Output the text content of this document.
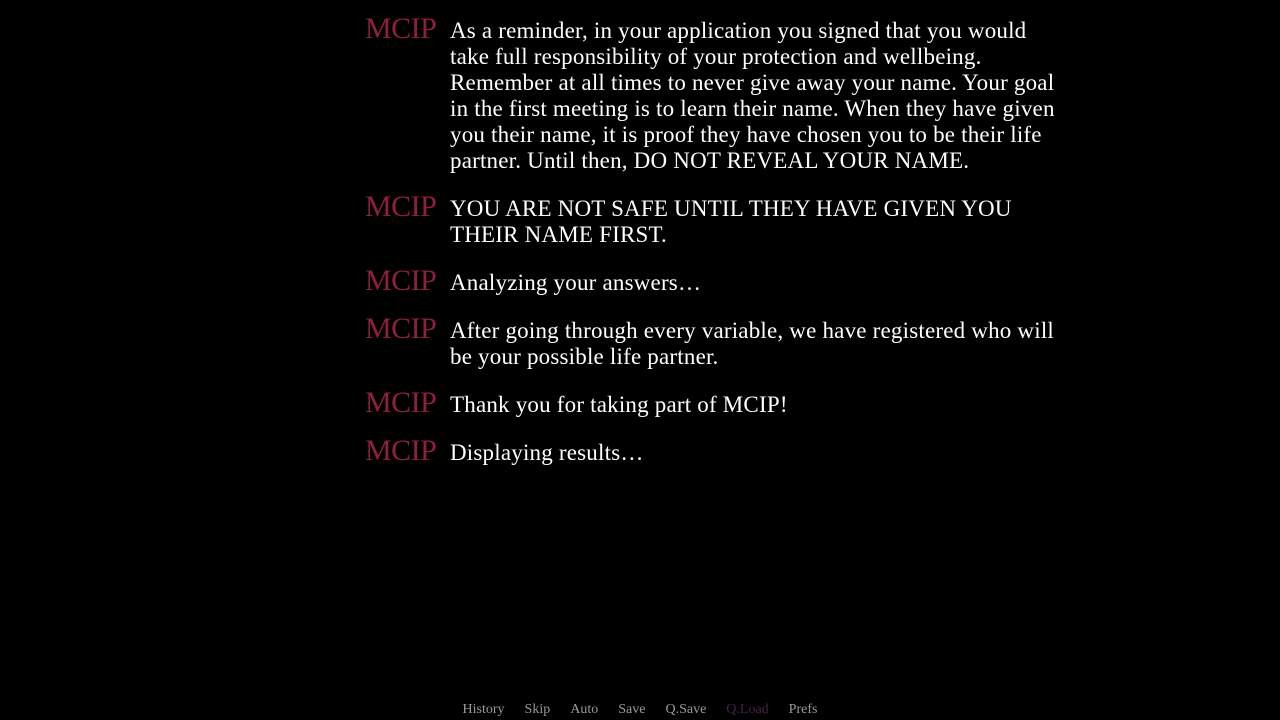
MCIP As a reminder, in your application you signed that you would take full responsibility of your protection and wellbeing. Remember at all times to never give away your name. Your goal in the first meeting is to learn their name. When they have given you their name, it is proof they have chosen you to be their life partner. Until then, DO NOT REVEAL YOUR NAME.
MCIP YOU ARE NOT SAFE UNTIL THEY HAVE GIVEN YOU THEIR NAME FIRST.
MCIP Analyzing your answers…
MCIP After going through every variable, we have registered who will be your possible life partner.
MCIP Thank you for taking part of MCIP!
MCIP Displaying results…
History	Skip	Auto	Save	Q.Save	Q.Load	Prefs
